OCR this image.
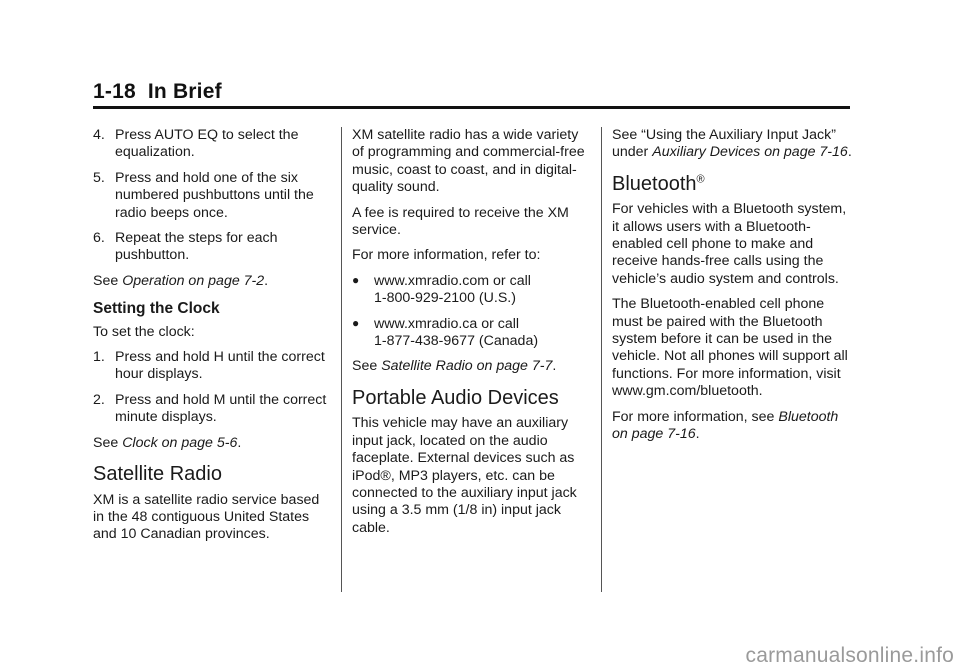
1-18 In Brief
4. Press AUTO EQ to select the equalization.
5. Press and hold one of the six numbered pushbuttons until the radio beeps once.
6. Repeat the steps for each pushbutton.

See Operation on page 7-2.

Setting the Clock

To set the clock:

1. Press and hold H until the correct hour displays.
2. Press and hold M until the correct minute displays.

See Clock on page 5-6.

Satellite Radio

XM is a satellite radio service based in the 48 contiguous United States and 10 Canadian provinces.

XM satellite radio has a wide variety of programming and commercial-free music, coast to coast, and in digital-quality sound.

A fee is required to receive the XM service.

For more information, refer to:

● www.xmradio.com or call
1-800-929-2100 (U.S.)
● www.xmradio.ca or call
1-877-438-9677 (Canada)

See Satellite Radio on page 7-7.

Portable Audio Devices

This vehicle may have an auxiliary input jack, located on the audio faceplate. External devices such as iPod®, MP3 players, etc. can be connected to the auxiliary input jack using a 3.5 mm (1/8 in) input jack cable.

See “Using the Auxiliary Input Jack” under Auxiliary Devices on page 7-16.

Bluetooth®

For vehicles with a Bluetooth system, it allows users with a Bluetooth-enabled cell phone to make and receive hands-free calls using the vehicle’s audio system and controls.

The Bluetooth-enabled cell phone must be paired with the Bluetooth system before it can be used in the vehicle. Not all phones will support all functions. For more information, visit www.gm.com/bluetooth.

For more information, see Bluetooth on page 7-16.

carmanualsonline.info
